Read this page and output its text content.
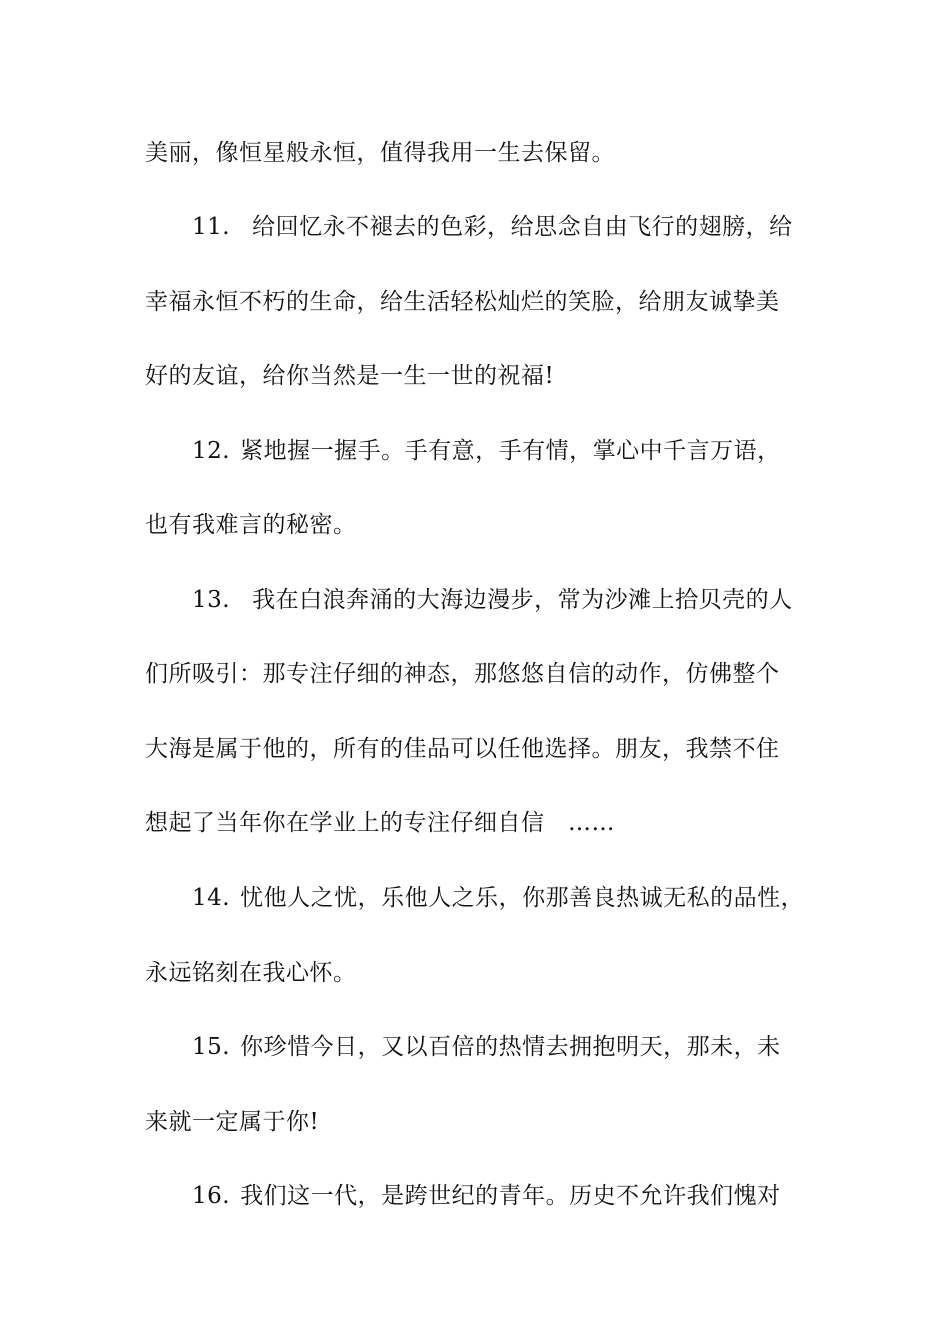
美丽，像恒星般永恒，值得我用一生去保留。
11. 给回忆永不褪去的色彩，给思念自由飞行的翅膀，给
幸福永恒不朽的生命，给生活轻松灿烂的笑脸，给朋友诚挚美
好的友谊，给你当然是一生一世的祝福!
12. 紧地握一握手。手有意，手有情，掌心中千言万语，
也有我难言的秘密。
13. 我在白浪奔涌的大海边漫步，常为沙滩上拾贝壳的人
们所吸引：那专注仔细的神态，那悠悠自信的动作，仿佛整个
大海是属于他的，所有的佳品可以任他选择。朋友，我禁不住
想起了当年你在学业上的专注仔细自信　……
14. 忧他人之忧，乐他人之乐，你那善良热诚无私的品性，
永远铭刻在我心怀。
15. 你珍惜今日，又以百倍的热情去拥抱明天，那未，未
来就一定属于你!
16. 我们这一代，是跨世纪的青年。历史不允许我们愧对
